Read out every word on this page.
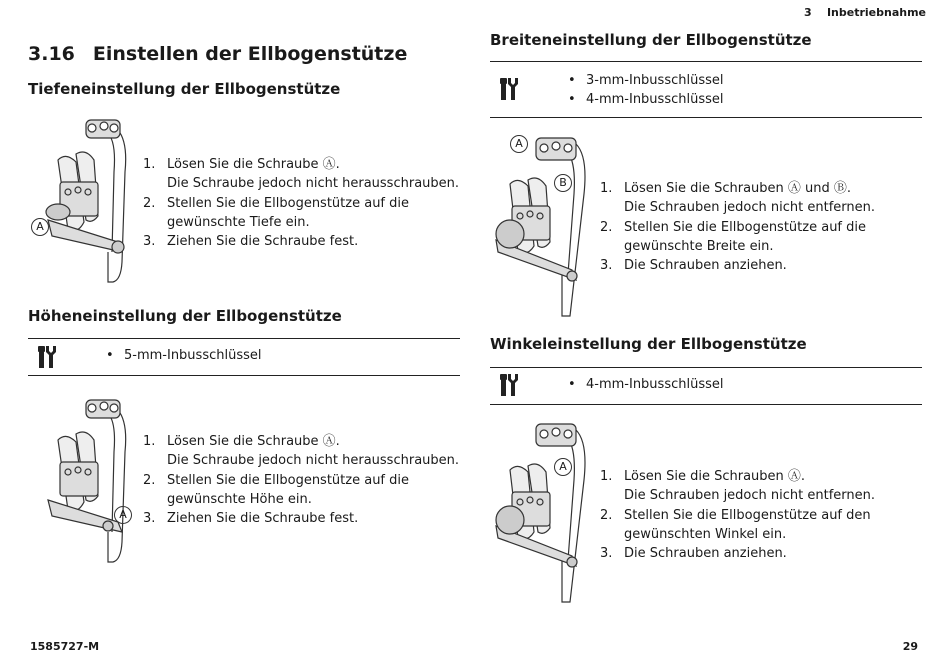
3 Inbetriebnahme
3.16 Einstellen der Ellbogenstütze
Tiefeneinstellung der Ellbogenstütze
A
1. Lösen Sie die Schraube Ⓐ.
Die Schraube jedoch nicht herausschrauben.
2. Stellen Sie die Ellbogenstütze auf die
gewünschte Tiefe ein.
3. Ziehen Sie die Schraube fest.
Höheneinstellung der Ellbogenstütze
• 5-mm-Inbusschlüssel
A
1. Lösen Sie die Schraube Ⓐ.
Die Schraube jedoch nicht herausschrauben.
2. Stellen Sie die Ellbogenstütze auf die
gewünschte Höhe ein.
3. Ziehen Sie die Schraube fest.
Breiteneinstellung der Ellbogenstütze
• 3-mm-Inbusschlüssel
• 4-mm-Inbusschlüssel
A
B	1. Lösen Sie die Schrauben Ⓐ und Ⓑ.
Die Schrauben jedoch nicht entfernen.
2. Stellen Sie die Ellbogenstütze auf die
gewünschte Breite ein.
3. Die Schrauben anziehen.
Winkeleinstellung der Ellbogenstütze
• 4-mm-Inbusschlüssel
A
1. Lösen Sie die Schrauben Ⓐ.
Die Schrauben jedoch nicht entfernen.
2. Stellen Sie die Ellbogenstütze auf den
gewünschten Winkel ein.
3. Die Schrauben anziehen.
1585727-M	29
